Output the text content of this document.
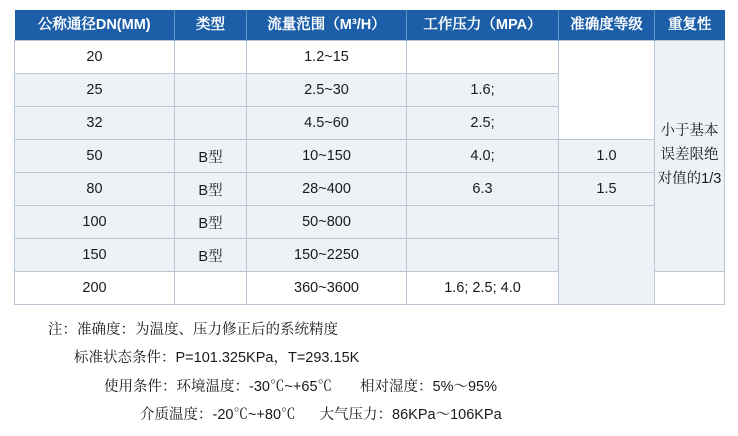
公称通径DN(MM)	类型	流量范围（M³/H）	工作压力（MPA）	准确度等级	重复性
20		1.2~15			小于基本误差限绝对值的1/3
25		2.5~30	1.6;		
32		4.5~60	2.5;		
50	B型	10~150	4.0;	1.0	
80	B型	28~400	6.3	1.5	
100	B型	50~800			
150	B型	150~2250			
200		360~3600	1.6; 2.5; 4.0		
注：准确度：为温度、压力修正后的系统精度
标准状态条件：P=101.325KPa，T=293.15K
使用条件：环境温度：-30℃~+65℃ 相对湿度：5%～95%
介质温度：-20℃~+80℃ 大气压力：86KPa～106KPa
